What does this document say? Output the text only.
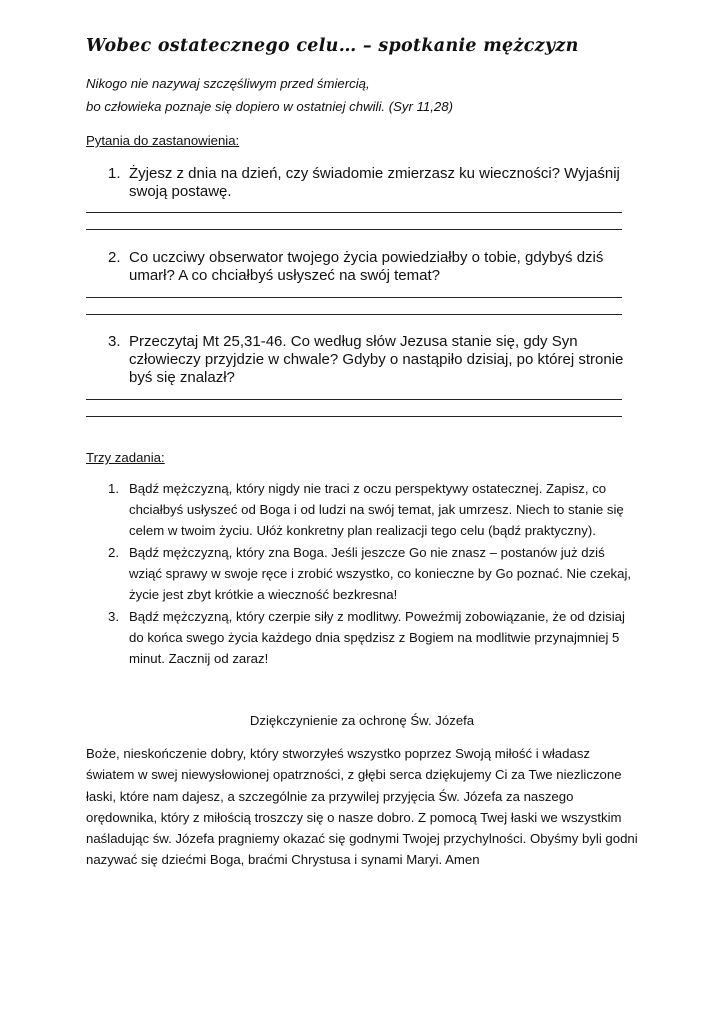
Wobec ostatecznego celu… – spotkanie mężczyzn
Nikogo nie nazywaj szczęśliwym przed śmiercią,
bo człowieka poznaje się dopiero w ostatniej chwili. (Syr 11,28)
Pytania do zastanowienia:
1. Żyjesz z dnia na dzień, czy świadomie zmierzasz ku wieczności? Wyjaśnij swoją postawę.
2. Co uczciwy obserwator twojego życia powiedziałby o tobie, gdybyś dziś umarł? A co chciałbyś usłyszeć na swój temat?
3. Przeczytaj Mt 25,31-46. Co według słów Jezusa stanie się, gdy Syn człowieczy przyjdzie w chwale? Gdyby o nastąpiło dzisiaj, po której stronie byś się znalazł?
Trzy zadania:
1. Bądź mężczyzną, który nigdy nie traci z oczu perspektywy ostatecznej. Zapisz, co chciałbyś usłyszeć od Boga i od ludzi na swój temat, jak umrzesz. Niech to stanie się celem w twoim życiu. Ułóż konkretny plan realizacji tego celu (bądź praktyczny).
2. Bądź mężczyzną, który zna Boga. Jeśli jeszcze Go nie znasz – postanów już dziś wziąć sprawy w swoje ręce i zrobić wszystko, co konieczne by Go poznać. Nie czekaj, życie jest zbyt krótkie a wieczność bezkresna!
3. Bądź mężczyzną, który czerpie siły z modlitwy. Poweźmij zobowiązanie, że od dzisiaj do końca swego życia każdego dnia spędzisz z Bogiem na modlitwie przynajmniej 5 minut. Zacznij od zaraz!
Dziękczynienie za ochronę Św. Józefa
Boże, nieskończenie dobry, który stworzyłeś wszystko poprzez Swoją miłość i władasz światem w swej niewysłowionej opatrzności, z głębi serca dziękujemy Ci za Twe niezliczone łaski, które nam dajesz, a szczególnie za przywilej przyjęcia Św. Józefa za naszego orędownika, który z miłością troszczy się o nasze dobro. Z pomocą Twej łaski we wszystkim naśladując św. Józefa pragniemy okazać się godnymi Twojej przychylności. Obyśmy byli godni nazywać się dziećmi Boga, braćmi Chrystusa i synami Maryi. Amen
